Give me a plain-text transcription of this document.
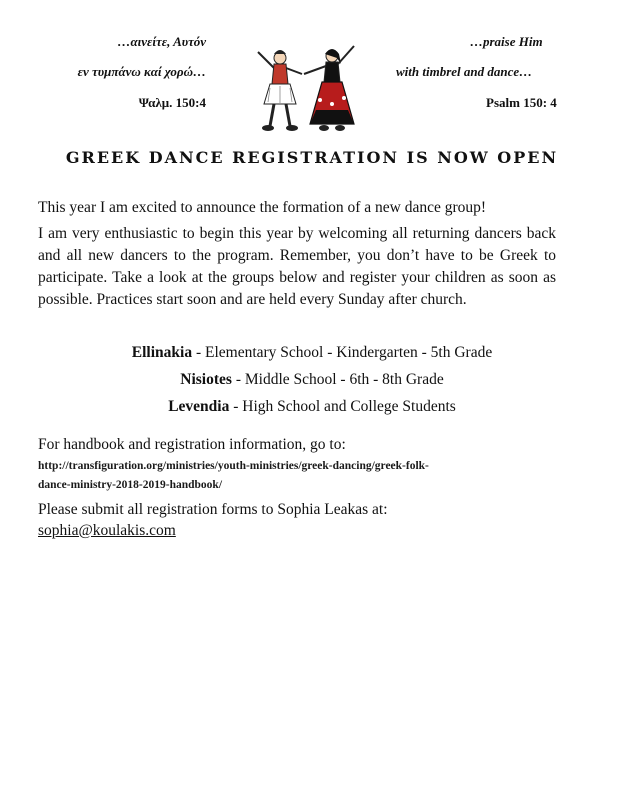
…αινείτε, Αυτόν
εν τυμπάνω καί χορώ…
Ψαλμ. 150:4
…praise Him
with timbrel and dance…
Psalm 150: 4
GREEK DANCE REGISTRATION IS NOW OPEN
This year I am excited to announce the formation of a new dance group!
I am very enthusiastic to begin this year by welcoming all returning dancers back and all new dancers to the program. Remember, you don’t have to be Greek to participate. Take a look at the groups below and register your children as soon as possible. Practices start soon and are held every Sunday after church.
Ellinakia - Elementary School - Kindergarten - 5th Grade
Nisiotes - Middle School - 6th - 8th Grade
Levendia - High School and College Students
For handbook and registration information, go to:
http://transfiguration.org/ministries/youth-ministries/greek-dancing/greek-folk-
dance-ministry-2018-2019-handbook/
Please submit all registration forms to Sophia Leakas at:
sophia@koulakis.com
